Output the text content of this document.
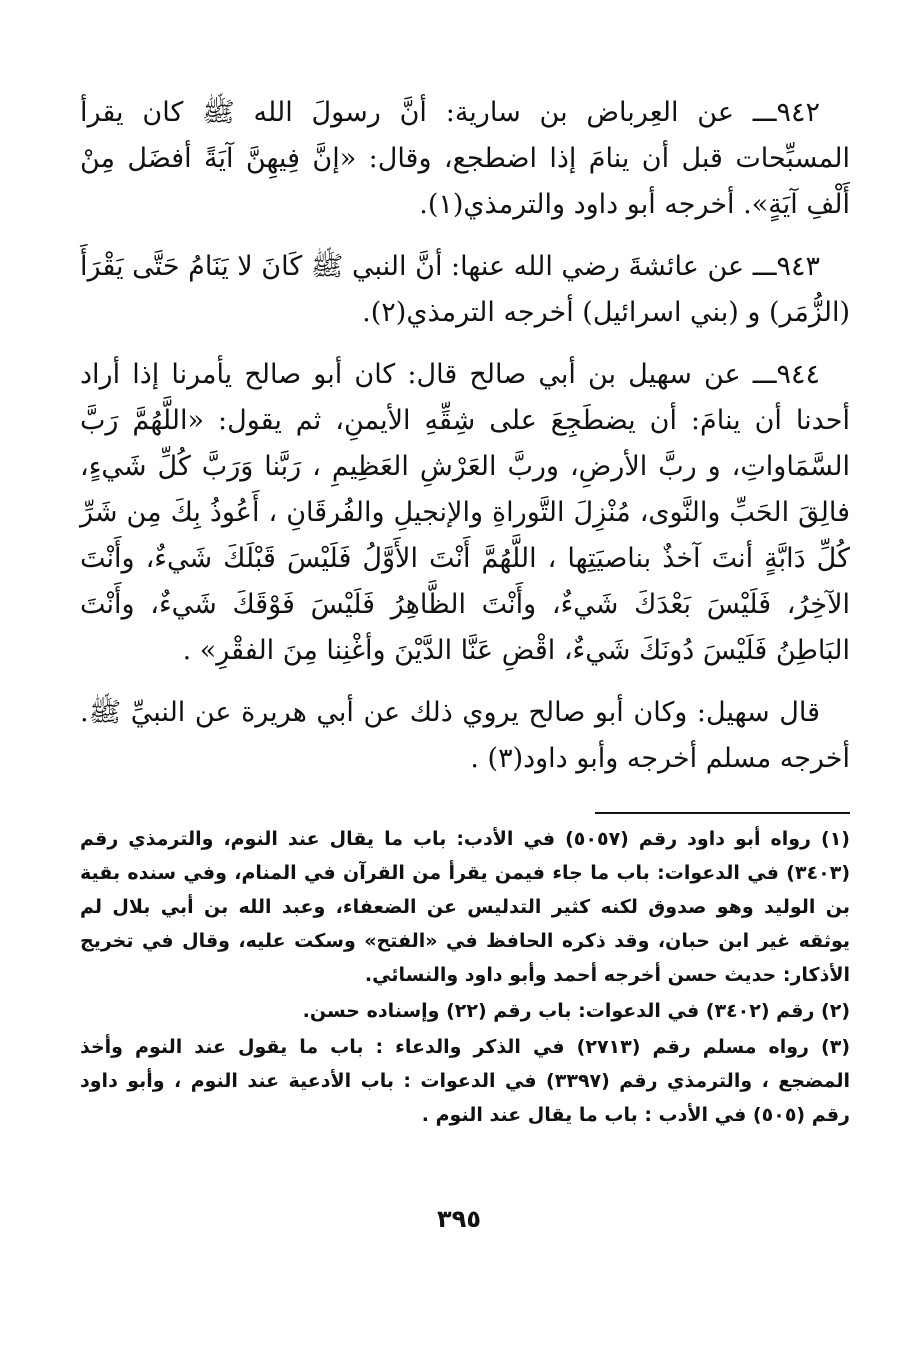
٩٤٢ـــ عن العِرباض بن سارية: أنَّ رسولَ الله ﷺ كان يقرأ المسبِّحات قبل أن ينامَ إذا اضطجع، وقال: «إنَّ فِيهِنَّ آيَةً أفضَل مِنْ أَلْفِ آيَةٍ». أخرجه أبو داود والترمذي(١).

٩٤٣ـــ عن عائشةَ رضي الله عنها: أنَّ النبي ﷺ كَانَ لا يَنَامُ حَتَّى يَقْرَأَ (الزُّمَر) و (بني اسرائيل) أخرجه الترمذي(٢).

٩٤٤ـــ عن سهيل بن أبي صالح قال: كان أبو صالح يأمرنا إذا أراد أحدنا أن ينامَ: أن يضطَجِعَ على شِقِّهِ الأيمنِ، ثم يقول: «اللَّهُمَّ رَبَّ السَّمَاواتِ، و ربَّ الأرضِ، وربَّ العَرْشِ العَظِيمِ ، رَبَّنا وَرَبَّ كُلِّ شَيءٍ، فالِقَ الحَبِّ والنَّوى، مُنْزِلَ التَّوراةِ والإنجيلِ والفُرقَانِ ، أَعُوذُ بِكَ مِن شَرِّ كُلِّ دَابَّةٍ أنتَ آخذٌ بناصيَتِها ، اللَّهُمَّ أَنْتَ الأَوَّلُ فَلَيْسَ قَبْلَكَ شَيءٌ، وأَنْتَ الآخِرُ، فَلَيْسَ بَعْدَكَ شَيءٌ، وأَنْتَ الظَّاهِرُ فَلَيْسَ فَوْقَكَ شَيءٌ، وأَنْتَ البَاطِنُ فَلَيْسَ دُونَكَ شَيءٌ، اقْضِ عَنَّا الدَّيْنَ وأغْنِنا مِنَ الفقْرِ» .

قال سهيل: وكان أبو صالح يروي ذلك عن أبي هريرة عن النبيِّ ﷺ. أخرجه مسلم أخرجه وأبو داود(٣) .

(١) رواه أبو داود رقم (٥٠٥٧) في الأدب: باب ما يقال عند النوم، والترمذي رقم (٣٤٠٣) في الدعوات: باب ما جاء فيمن يقرأ من القرآن في المنام، وفي سنده بقية بن الوليد وهو صدوق لكنه كثير التدليس عن الضعفاء، وعبد الله بن أبي بلال لم يوثقه غير ابن حبان، وقد ذكره الحافظ في «الفتح» وسكت عليه، وقال في تخريج الأذكار: حديث حسن أخرجه أحمد وأبو داود والنسائي.

(٢) رقم (٣٤٠٢) في الدعوات: باب رقم (٢٢) وإسناده حسن.

(٣) رواه مسلم رقم (٢٧١٣) في الذكر والدعاء : باب ما يقول عند النوم وأخذ المضجع ، والترمذي رقم (٣٣٩٧) في الدعوات : باب الأدعية عند النوم ، وأبو داود رقم (٥٠٥) في الأدب : باب ما يقال عند النوم .

٣٩٥
